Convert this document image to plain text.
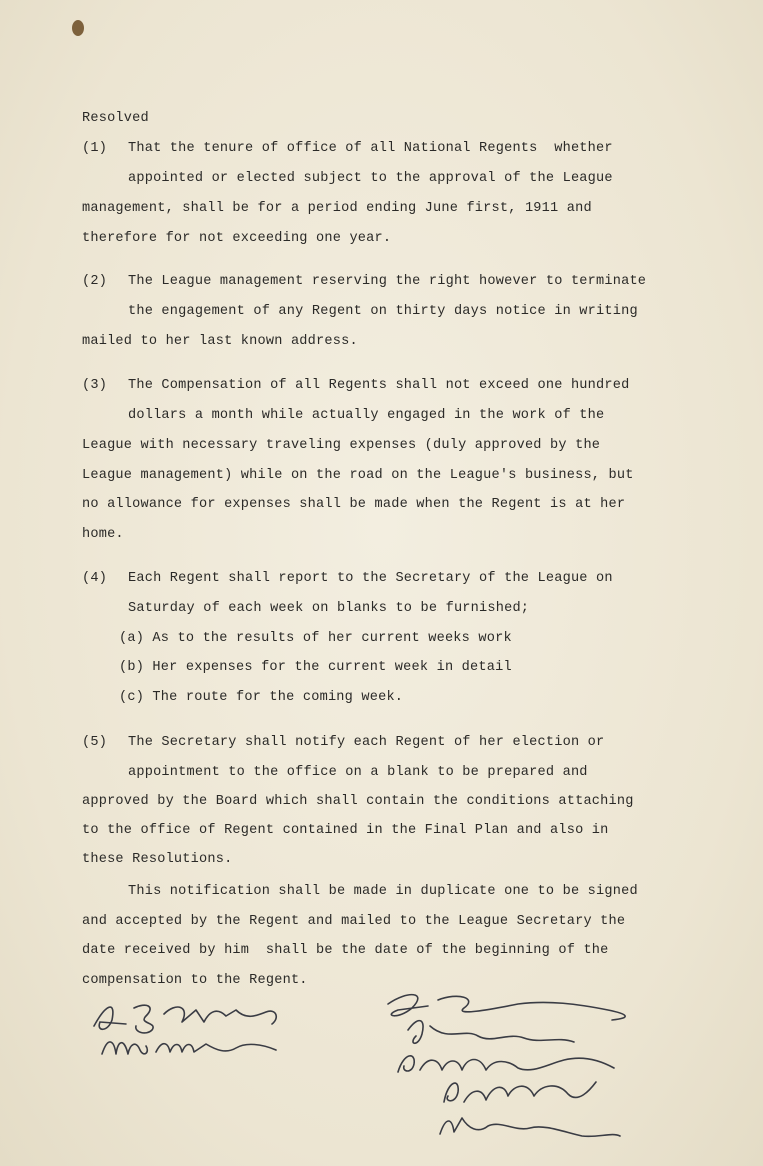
Resolved
(1) That the tenure of office of all National Regents  whether
appointed or elected subject to the approval of the League
management, shall be for a period ending June first, 1911 and
therefore for not exceeding one year.
(2) The League management reserving the right however to terminate
the engagement of any Regent on thirty days notice in writing
mailed to her last known address.
(3) The Compensation of all Regents shall not exceed one hundred
dollars a month while actually engaged in the work of the
League with necessary traveling expenses (duly approved by the
League management) while on the road on the League's business, but
no allowance for expenses shall be made when the Regent is at her
home.
(4) Each Regent shall report to the Secretary of the League on
Saturday of each week on blanks to be furnished;
(a) As to the results of her current weeks work
(b) Her expenses for the current week in detail
(c) The route for the coming week.
(5) The Secretary shall notify each Regent of her election or
appointment to the office on a blank to be prepared and
approved by the Board which shall contain the conditions attaching
to the office of Regent contained in the Final Plan and also in
these Resolutions.
This notification shall be made in duplicate one to be signed
and accepted by the Regent and mailed to the League Secretary the
date received by him  shall be the date of the beginning of the
compensation to the Regent.
